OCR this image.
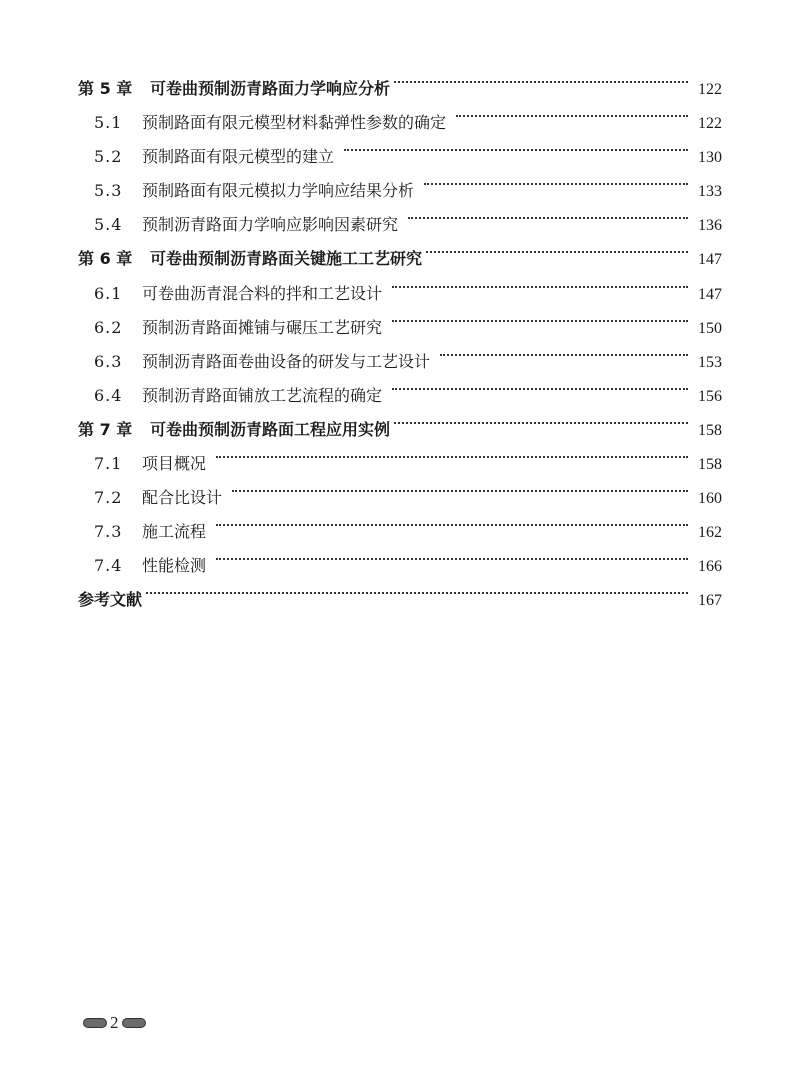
第 5 章	可卷曲预制沥青路面力学响应分析	122
5.1	预制路面有限元模型材料黏弹性参数的确定	122
5.2	预制路面有限元模型的建立	130
5.3	预制路面有限元模拟力学响应结果分析	133
5.4	预制沥青路面力学响应影响因素研究	136
第 6 章	可卷曲预制沥青路面关键施工工艺研究	147
6.1	可卷曲沥青混合料的拌和工艺设计	147
6.2	预制沥青路面摊铺与碾压工艺研究	150
6.3	预制沥青路面卷曲设备的研发与工艺设计	153
6.4	预制沥青路面铺放工艺流程的确定	156
第 7 章	可卷曲预制沥青路面工程应用实例	158
7.1	项目概况	158
7.2	配合比设计	160
7.3	施工流程	162
7.4	性能检测	166
参考文献	167
2
